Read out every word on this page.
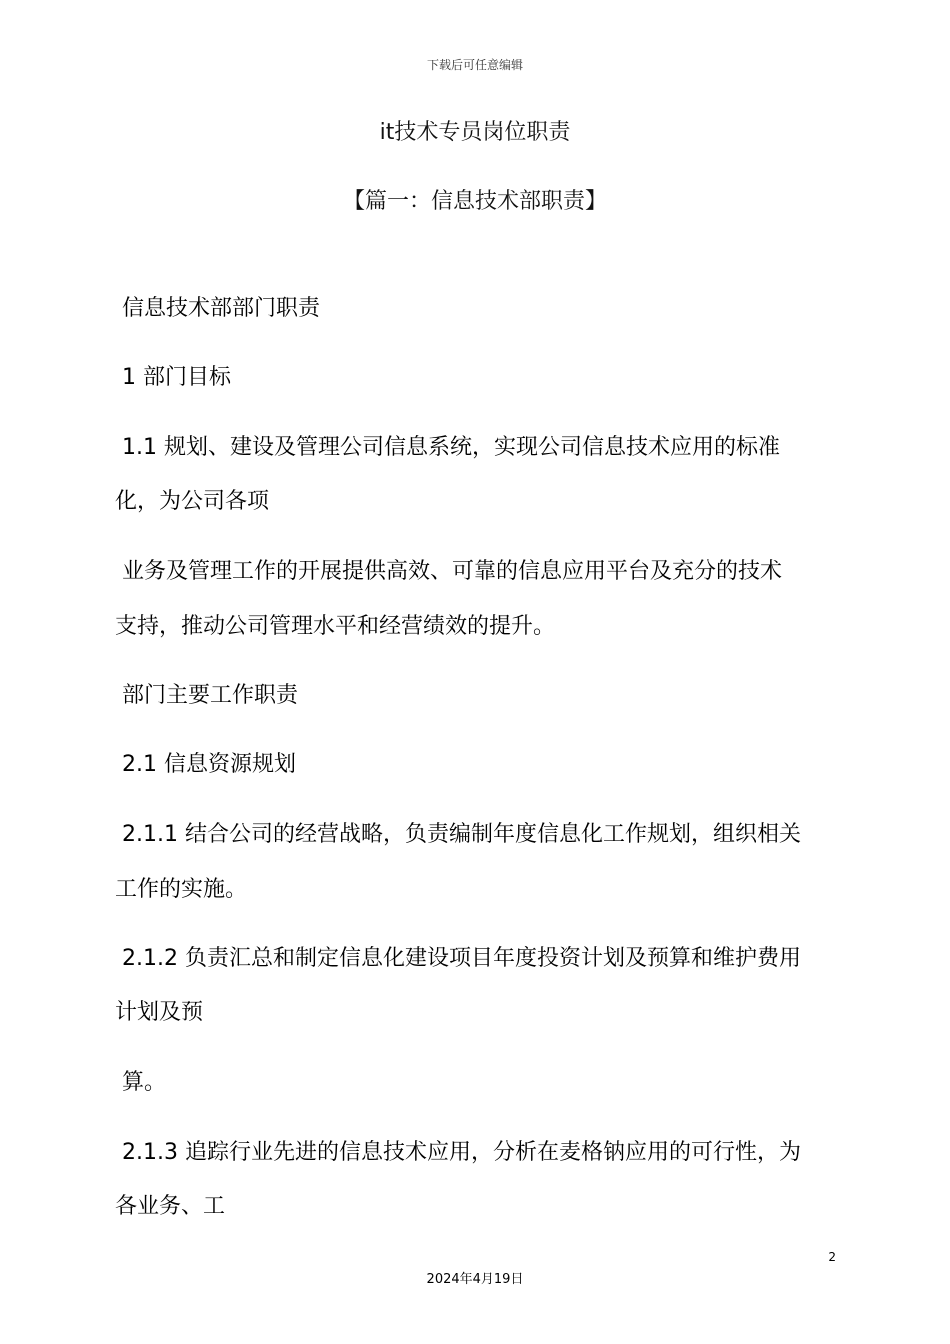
下载后可任意编辑
it技术专员岗位职责
【篇一：信息技术部职责】

信息技术部部门职责

1 部门目标

1.1 规划、建设及管理公司信息系统，实现公司信息技术应用的标准

化，为公司各项

业务及管理工作的开展提供高效、可靠的信息应用平台及充分的技术

支持，推动公司管理水平和经营绩效的提升。

部门主要工作职责

2.1 信息资源规划

2.1.1 结合公司的经营战略，负责编制年度信息化工作规划，组织相关

工作的实施。

2.1.2 负责汇总和制定信息化建设项目年度投资计划及预算和维护费用

计划及预

算。

2.1.3 追踪行业先进的信息技术应用，分析在麦格钠应用的可行性，为

各业务、工

2
2024年4月19日
